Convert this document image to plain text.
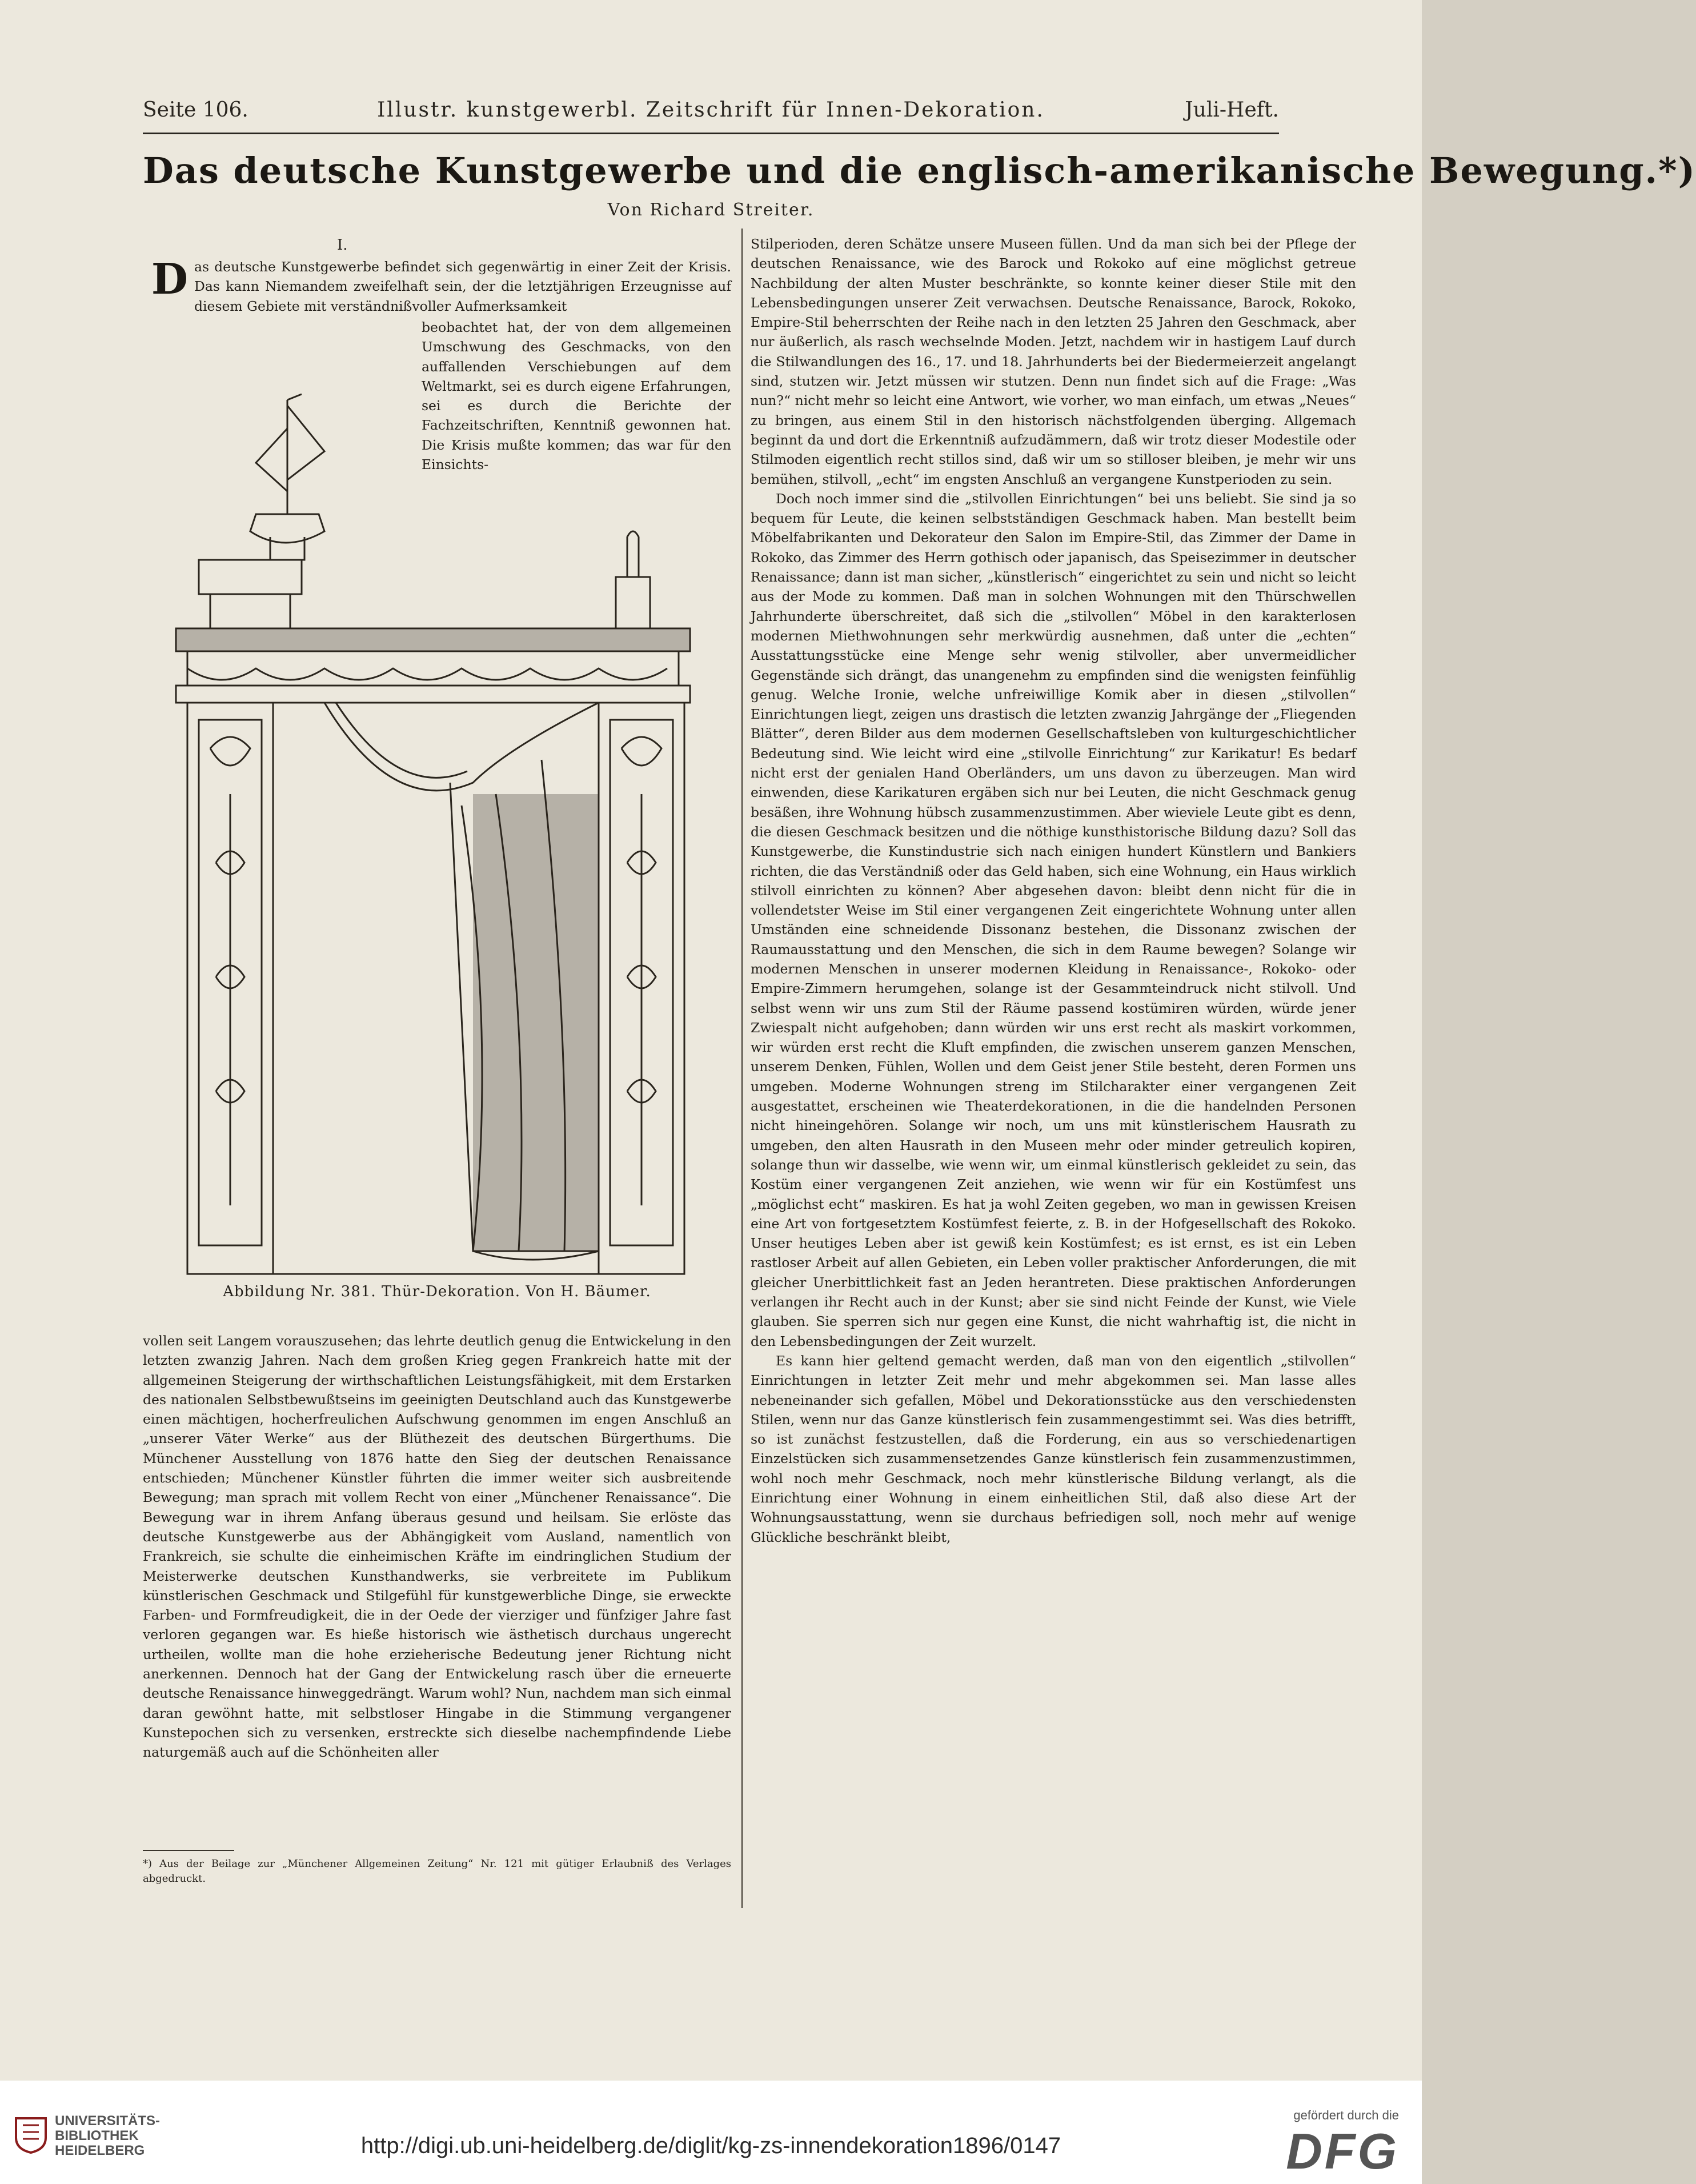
Seite 106.	Illustr. kunstgewerbl. Zeitschrift für Innen-Dekoration.	Juli-Heft.
Das deutsche Kunstgewerbe und die englisch-amerikanische Bewegung.*)
Von Richard Streiter.
I.
D as deutsche Kunstgewerbe befindet sich gegenwärtig in einer Zeit der Krisis. Das kann Niemandem zweifelhaft sein, der die letztjährigen Erzeugnisse auf diesem Gebiete mit verständnißvoller Aufmerksamkeit

beobachtet hat, der von dem allgemeinen Umschwung des Geschmacks, von den auffallenden Verschiebungen auf dem Weltmarkt, sei es durch eigene Erfahrungen, sei es durch die Berichte der Fachzeitschriften, Kenntniß gewonnen hat. Die Krisis mußte kommen; das war für den Einsichts-

Abbildung Nr. 381. Thür-Dekoration. Von H. Bäumer.

vollen seit Langem vorauszusehen; das lehrte deutlich genug die Entwickelung in den letzten zwanzig Jahren. Nach dem großen Krieg gegen Frankreich hatte mit der allgemeinen Steigerung der wirthschaftlichen Leistungsfähigkeit, mit dem Erstarken des nationalen Selbstbewußtseins im geeinigten Deutschland auch das Kunstgewerbe einen mächtigen, hocherfreulichen Aufschwung genommen im engen Anschluß an „unserer Väter Werke“ aus der Blüthezeit des deutschen Bürgerthums. Die Münchener Ausstellung von 1876 hatte den Sieg der deutschen Renaissance entschieden; Münchener Künstler führten die immer weiter sich ausbreitende Bewegung; man sprach mit vollem Recht von einer „Münchener Renaissance“. Die Bewegung war in ihrem Anfang überaus gesund und heilsam. Sie erlöste das deutsche Kunstgewerbe aus der Abhängigkeit vom Ausland, namentlich von Frankreich, sie schulte die einheimischen Kräfte im eindringlichen Studium der Meisterwerke deutschen Kunsthandwerks, sie verbreitete im Publikum künstlerischen Geschmack und Stilgefühl für kunstgewerbliche Dinge, sie erweckte Farben- und Formfreudigkeit, die in der Oede der vierziger und fünfziger Jahre fast verloren gegangen war. Es hieße historisch wie ästhetisch durchaus ungerecht urtheilen, wollte man die hohe erzieherische Bedeutung jener Richtung nicht anerkennen. Dennoch hat der Gang der Entwickelung rasch über die erneuerte deutsche Renaissance hinweggedrängt. Warum wohl? Nun, nachdem man sich einmal daran gewöhnt hatte, mit selbstloser Hingabe in die Stimmung vergangener Kunstepochen sich zu versenken, erstreckte sich dieselbe nachempfindende Liebe naturgemäß auch auf die Schönheiten aller

*) Aus der Beilage zur „Münchener Allgemeinen Zeitung“ Nr. 121 mit gütiger Erlaubniß des Verlages abgedruckt.

Stilperioden, deren Schätze unsere Museen füllen. Und da man sich bei der Pflege der deutschen Renaissance, wie des Barock und Rokoko auf eine möglichst getreue Nachbildung der alten Muster beschränkte, so konnte keiner dieser Stile mit den Lebensbedingungen unserer Zeit verwachsen. Deutsche Renaissance, Barock, Rokoko, Empire-Stil beherrschten der Reihe nach in den letzten 25 Jahren den Geschmack, aber nur äußerlich, als rasch wechselnde Moden. Jetzt, nachdem wir in hastigem Lauf durch die Stilwandlungen des 16., 17. und 18. Jahrhunderts bei der Biedermeierzeit angelangt sind, stutzen wir. Jetzt müssen wir stutzen. Denn nun findet sich auf die Frage: „Was nun?“ nicht mehr so leicht eine Antwort, wie vorher, wo man einfach, um etwas „Neues“ zu bringen, aus einem Stil in den historisch nächstfolgenden überging. Allgemach beginnt da und dort die Erkenntniß aufzudämmern, daß wir trotz dieser Modestile oder Stilmoden eigentlich recht stillos sind, daß wir um so stilloser bleiben, je mehr wir uns bemühen, stilvoll, „echt“ im engsten Anschluß an vergangene Kunstperioden zu sein.

Doch noch immer sind die „stilvollen Einrichtungen“ bei uns beliebt. Sie sind ja so bequem für Leute, die keinen selbstständigen Geschmack haben. Man bestellt beim Möbelfabrikanten und Dekorateur den Salon im Empire-Stil, das Zimmer der Dame in Rokoko, das Zimmer des Herrn gothisch oder japanisch, das Speisezimmer in deutscher Renaissance; dann ist man sicher, „künstlerisch“ eingerichtet zu sein und nicht so leicht aus der Mode zu kommen. Daß man in solchen Wohnungen mit den Thürschwellen Jahrhunderte überschreitet, daß sich die „stilvollen“ Möbel in den karakterlosen modernen Miethwohnungen sehr merkwürdig ausnehmen, daß unter die „echten“ Ausstattungsstücke eine Menge sehr wenig stilvoller, aber unvermeidlicher Gegenstände sich drängt, das unangenehm zu empfinden sind die wenigsten feinfühlig genug. Welche Ironie, welche unfreiwillige Komik aber in diesen „stilvollen“ Einrichtungen liegt, zeigen uns drastisch die letzten zwanzig Jahrgänge der „Fliegenden Blätter“, deren Bilder aus dem modernen Gesellschaftsleben von kulturgeschichtlicher Bedeutung sind. Wie leicht wird eine „stilvolle Einrichtung“ zur Karikatur! Es bedarf nicht erst der genialen Hand Oberländers, um uns davon zu überzeugen. Man wird einwenden, diese Karikaturen ergäben sich nur bei Leuten, die nicht Geschmack genug besäßen, ihre Wohnung hübsch zusammenzustimmen. Aber wieviele Leute gibt es denn, die diesen Geschmack besitzen und die nöthige kunsthistorische Bildung dazu? Soll das Kunstgewerbe, die Kunstindustrie sich nach einigen hundert Künstlern und Bankiers richten, die das Verständniß oder das Geld haben, sich eine Wohnung, ein Haus wirklich stilvoll einrichten zu können? Aber abgesehen davon: bleibt denn nicht für die in vollendetster Weise im Stil einer vergangenen Zeit eingerichtete Wohnung unter allen Umständen eine schneidende Dissonanz bestehen, die Dissonanz zwischen der Raumausstattung und den Menschen, die sich in dem Raume bewegen? Solange wir modernen Menschen in unserer modernen Kleidung in Renaissance-, Rokoko- oder Empire-Zimmern herumgehen, solange ist der Gesammteindruck nicht stilvoll. Und selbst wenn wir uns zum Stil der Räume passend kostümiren würden, würde jener Zwiespalt nicht aufgehoben; dann würden wir uns erst recht als maskirt vorkommen, wir würden erst recht die Kluft empfinden, die zwischen unserem ganzen Menschen, unserem Denken, Fühlen, Wollen und dem Geist jener Stile besteht, deren Formen uns umgeben. Moderne Wohnungen streng im Stilcharakter einer vergangenen Zeit ausgestattet, erscheinen wie Theaterdekorationen, in die die handelnden Personen nicht hineingehören. Solange wir noch, um uns mit künstlerischem Hausrath zu umgeben, den alten Hausrath in den Museen mehr oder minder getreulich kopiren, solange thun wir dasselbe, wie wenn wir, um einmal künstlerisch gekleidet zu sein, das Kostüm einer vergangenen Zeit anziehen, wie wenn wir für ein Kostümfest uns „möglichst echt“ maskiren. Es hat ja wohl Zeiten gegeben, wo man in gewissen Kreisen eine Art von fortgesetztem Kostümfest feierte, z. B. in der Hofgesellschaft des Rokoko. Unser heutiges Leben aber ist gewiß kein Kostümfest; es ist ernst, es ist ein Leben rastloser Arbeit auf allen Gebieten, ein Leben voller praktischer Anforderungen, die mit gleicher Unerbittlichkeit fast an Jeden herantreten. Diese praktischen Anforderungen verlangen ihr Recht auch in der Kunst; aber sie sind nicht Feinde der Kunst, wie Viele glauben. Sie sperren sich nur gegen eine Kunst, die nicht wahrhaftig ist, die nicht in den Lebensbedingungen der Zeit wurzelt.

Es kann hier geltend gemacht werden, daß man von den eigentlich „stilvollen“ Einrichtungen in letzter Zeit mehr und mehr abgekommen sei. Man lasse alles nebeneinander sich gefallen, Möbel und Dekorationsstücke aus den verschiedensten Stilen, wenn nur das Ganze künstlerisch fein zusammengestimmt sei. Was dies betrifft, so ist zunächst festzustellen, daß die Forderung, ein aus so verschiedenartigen Einzelstücken sich zusammensetzendes Ganze künstlerisch fein zusammenzustimmen, wohl noch mehr Geschmack, noch mehr künstlerische Bildung verlangt, als die Einrichtung einer Wohnung in einem einheitlichen Stil, daß also diese Art der Wohnungsausstattung, wenn sie durchaus befriedigen soll, noch mehr auf wenige Glückliche beschränkt bleibt,

UNIVERSITÄTS-
BIBLIOTHEK
HEIDELBERG	http://digi.ub.uni-heidelberg.de/diglit/kg-zs-innendekoration1896/0147
gefördert durch die
DFG
